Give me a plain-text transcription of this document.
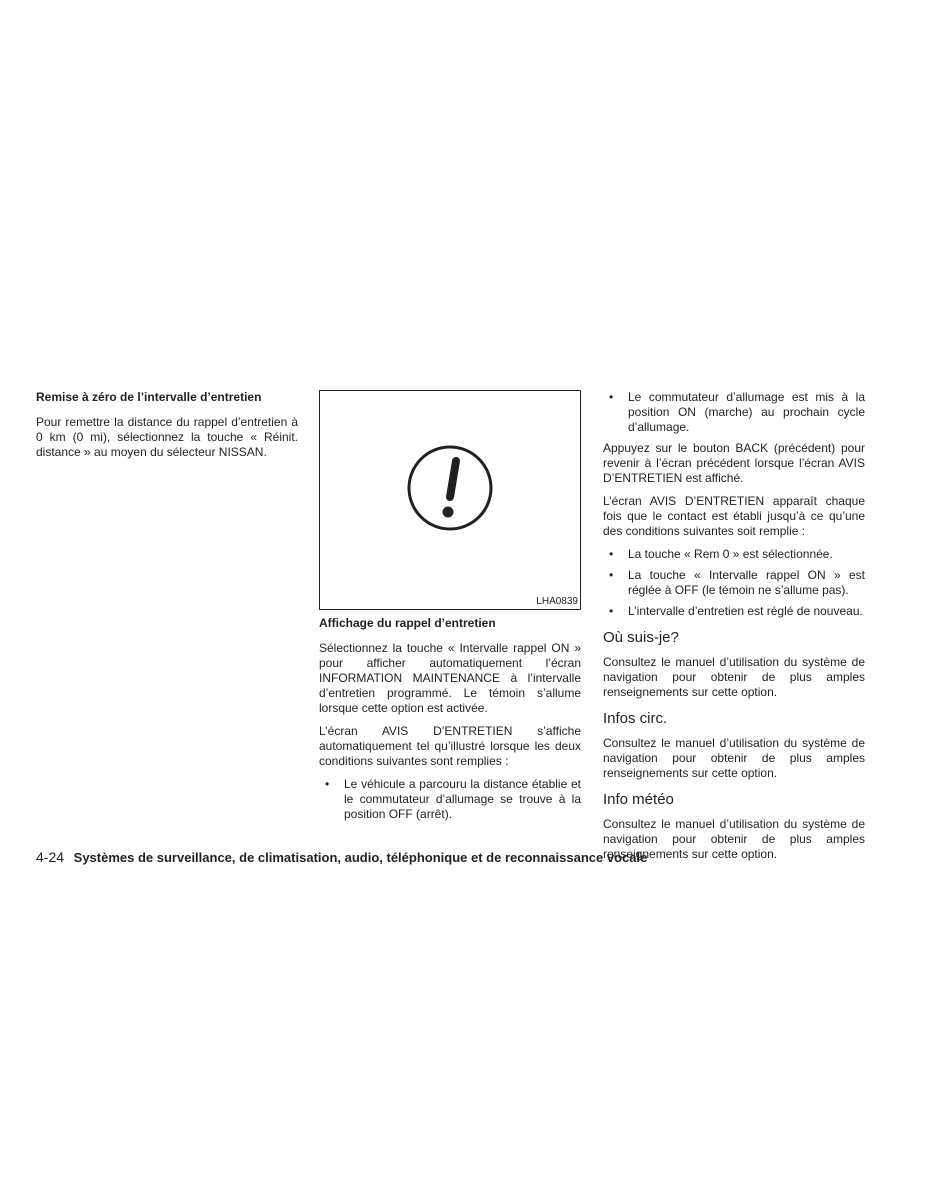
Remise à zéro de l’intervalle d’entretien

Pour remettre la distance du rappel d’entretien à 0 km (0 mi), sélectionnez la touche « Réinit. distance » au moyen du sélecteur NISSAN.

LHA0839
Affichage du rappel d’entretien

Sélectionnez la touche « Intervalle rappel ON » pour afficher automatiquement l’écran INFORMATION MAINTENANCE à l’intervalle d’entretien programmé. Le témoin s’allume lorsque cette option est activée.

L’écran AVIS D’ENTRETIEN s’affiche automatiquement tel qu’illustré lorsque les deux conditions suivantes sont remplies :

• Le véhicule a parcouru la distance établie et le commutateur d’allumage se trouve à la position OFF (arrêt).
• Le commutateur d’allumage est mis à la position ON (marche) au prochain cycle d’allumage.

Appuyez sur le bouton BACK (précédent) pour revenir à l’écran précédent lorsque l’écran AVIS D’ENTRETIEN est affiché.

L’écran AVIS D’ENTRETIEN apparaît chaque fois que le contact est établi jusqu’à ce qu’une des conditions suivantes soit remplie :

• La touche « Rem 0 » est sélectionnée.
• La touche « Intervalle rappel ON » est réglée à OFF (le témoin ne s’allume pas).
• L’intervalle d’entretien est réglé de nouveau.
Où suis-je?

Consultez le manuel d’utilisation du système de navigation pour obtenir de plus amples renseignements sur cette option.

Infos circ.

Consultez le manuel d’utilisation du système de navigation pour obtenir de plus amples renseignements sur cette option.

Info météo

Consultez le manuel d’utilisation du système de navigation pour obtenir de plus amples renseignements sur cette option.

4-24 Systèmes de surveillance, de climatisation, audio, téléphonique et de reconnaissance vocale
